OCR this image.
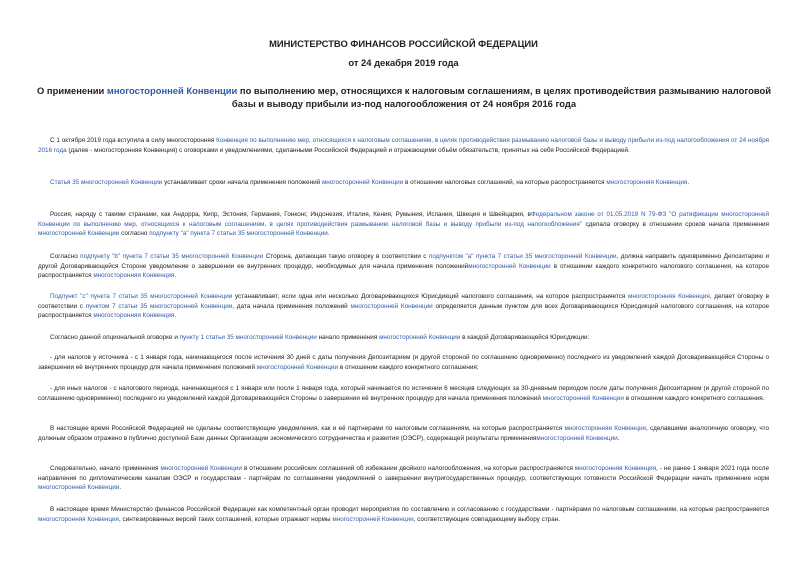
МИНИСТЕРСТВО ФИНАНСОВ РОССИЙСКОЙ ФЕДЕРАЦИИ
от 24 декабря 2019 года
О применении многосторонней Конвенции по выполнению мер, относящихся к налоговым соглашениям, в целях противодействия размыванию налоговой базы и выводу прибыли из-под налогообложения от 24 ноября 2016 года

С 1 октября 2019 года вступила в силу многосторонняя Конвенция по выполнению мер, относящихся к налоговым соглашениям, в целях противодействия размыванию налоговой базы и выводу прибыли из-под налогообложения от 24 ноября 2016 года (далее - многосторонняя Конвенция) с оговорками и уведомлениями, сделанными Российской Федерацией и отражающими объём обязательств, принятых на себя Российской Федерацией.

Статья 35 многосторонней Конвенции устанавливает сроки начала применения положений многосторонней Конвенции в отношении налоговых соглашений, на которые распространяется многосторонняя Конвенция.

Россия, наряду с такими странами, как Андорра, Кипр, Эстония, Германия, Гонконг, Индонезия, Италия, Кения, Румыния, Испания, Швеция и Швейцария, вФедеральном законе от 01.05.2019 N 79-ФЗ "О ратификации многосторонней Конвенции по выполнению мер, относящихся к налоговым соглашениям, в целях противодействия размыванию налоговой базы и выводу прибыли из-под налогообложения" сделала оговорку в отношении сроков начала применения многосторонней Конвенции согласно подпункту "а" пункта 7 статьи 35 многосторонней Конвенции.

Согласно подпункту "b" пункта 7 статьи 35 многосторонней Конвенции Сторона, делающая такую оговорку в соответствии с подпунктом "а" пункта 7 статьи 35 многосторонней Конвенции, должна направить одновременно Депозитарию и другой Договаривающейся Стороне уведомление о завершении ее внутренних процедур, необходимых для начала применения положениймногосторонней Конвенции в отношении каждого конкретного налогового соглашения, на которое распространяется многосторонняя Конвенция.

Подпункт "с" пункта 7 статьи 35 многосторонней Конвенции устанавливает, если одна или несколько Договаривающихся Юрисдикций налогового соглашения, на которое распространяется многосторонняя Конвенция, делает оговорку в соответствии с пунктом 7 статьи 35 многосторонней Конвенции, дата начала применения положений многосторонней Конвенции определяется данным пунктом для всех Договаривающихся Юрисдикций налогового соглашения, на которое распространяется многосторонняя Конвенция.

Согласно данной опциональной оговорке и пункту 1 статьи 35 многосторонней Конвенции начало применения многосторонней Конвенции в каждой Договаривающейся Юрисдикции:

- для налогов у источника - с 1 января года, начинающегося после истечения 30 дней с даты получения Депозитарием (и другой стороной по соглашению одновременно) последнего из уведомлений каждой Договаривающейся Стороны о завершении её внутренних процедур для начала применения положений многосторонней Конвенции в отношении каждого конкретного соглашения;

- для иных налогов - с налогового периода, начинающегося с 1 января или после 1 января года, который начинается по истечении 6 месяцев следующих за 30-дневным периодом после даты получения Депозитарием (и другой стороной по соглашению одновременно) последнего из уведомлений каждой Договаривающейся Стороны о завершении её внутренних процедур для начала применения положений многосторонней Конвенции в отношении каждого конкретного соглашения.

В настоящее время Российской Федерацией не сделаны соответствующие уведомления, как и её партнерами по налоговым соглашениям, на которые распространяется многосторонняя Конвенция, сделавшими аналогичную оговорку, что должным образом отражено в публично доступной Базе данных Организации экономического сотрудничества и развития (ОЭСР), содержащей результаты применениямногосторонней Конвенции.

Следовательно, начало применения многосторонней Конвенции в отношении российских соглашений об избежании двойного налогообложения, на которые распространяется многосторонняя Конвенция, - не ранее 1 января 2021 года после направления по дипломатическим каналам ОЭСР и государствам - партнёрам по соглашениям уведомлений о завершении внутригосударственных процедур, соответствующих готовности Российской Федерации начать применение норм многосторонней Конвенции.

В настоящее время Министерство финансов Российской Федерации как компетентный орган проводит мероприятия по составлению и согласованию с государствами - партнёрами по налоговым соглашениям, на которые распространяется многосторонняя Конвенция, синтезированных версий таких соглашений, которые отражают нормы многосторонней Конвенции, соответствующие совпадающему выбору стран.
